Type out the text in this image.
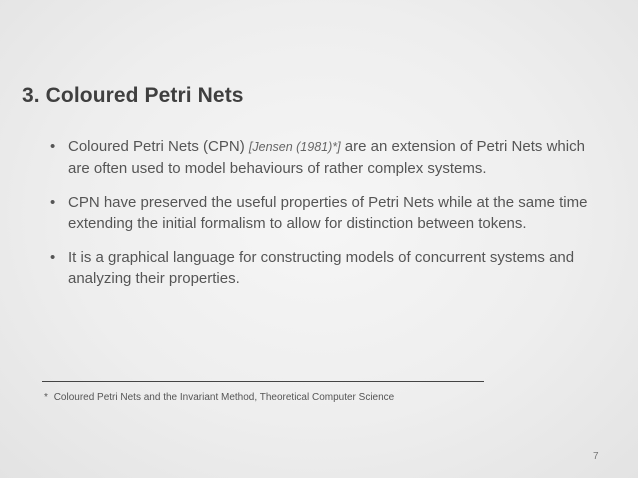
3. Coloured Petri Nets
• Coloured Petri Nets (CPN) [Jensen (1981)*] are an extension of Petri Nets which are often used to model behaviours of rather complex systems.
• CPN have preserved the useful properties of Petri Nets while at the same time extending the initial formalism to allow for distinction between tokens.
• It is a graphical language for constructing models of concurrent systems and analyzing their properties.
* Coloured Petri Nets and the Invariant Method, Theoretical Computer Science
7
